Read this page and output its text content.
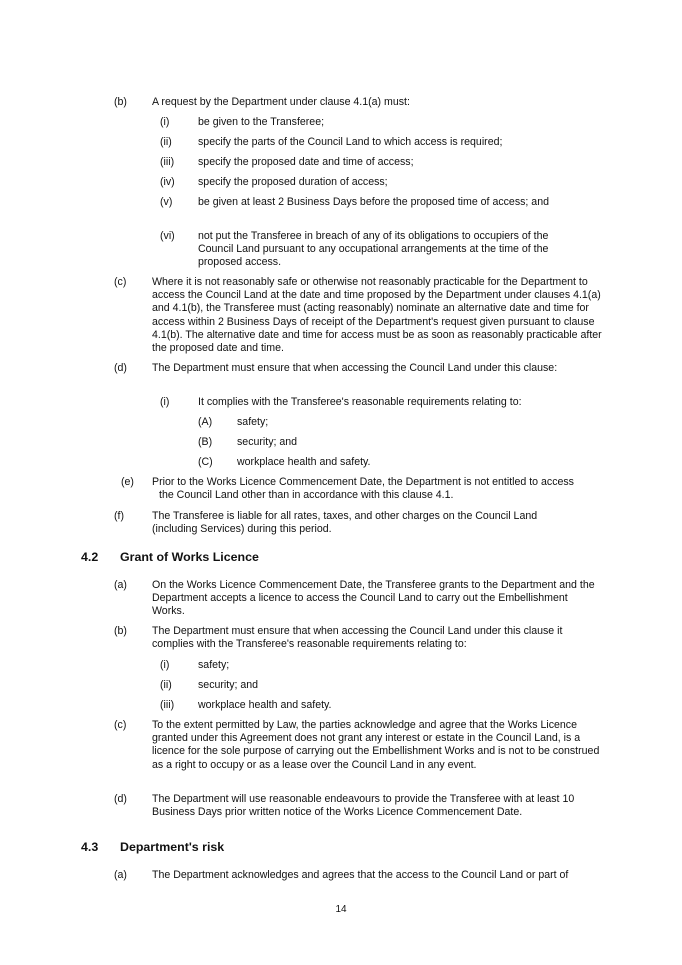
(b) A request by the Department under clause 4.1(a) must:
(i)	be given to the Transferee;
(ii) specify the parts of the Council Land to which access is required;
(iii) specify the proposed date and time of access;
(iv) specify the proposed duration of access;
(v) be given at least 2 Business Days before the proposed time of access; and
(vi) not put the Transferee in breach of any of its obligations to occupiers of the Council Land pursuant to any occupational arrangements at the time of the proposed access.
(c) Where it is not reasonably safe or otherwise not reasonably practicable for the Department to access the Council Land at the date and time proposed by the Department under clauses 4.1(a) and 4.1(b), the Transferee must (acting reasonably) nominate an alternative date and time for access within 2 Business Days of receipt of the Department's request given pursuant to clause 4.1(b). The alternative date and time for access must be as soon as reasonably practicable after the proposed date and time.
(d) The Department must ensure that when accessing the Council Land under this clause:
(i)	It complies with the Transferee's reasonable requirements relating to:
(A) safety;
(B) security; and
(C) workplace health and safety.
(e) Prior to the Works Licence Commencement Date, the Department is not entitled to access the Council Land other than in accordance with this clause 4.1.
(f)	The Transferee is liable for all rates, taxes, and other charges on the Council Land (including Services) during this period.
4.2 Grant of Works Licence
(a) On the Works Licence Commencement Date, the Transferee grants to the Department and the Department accepts a licence to access the Council Land to carry out the Embellishment Works.
(b) The Department must ensure that when accessing the Council Land under this clause it complies with the Transferee's reasonable requirements relating to:
(i)	safety;
(ii) security; and
(iii) workplace health and safety.
(c) To the extent permitted by Law, the parties acknowledge and agree that the Works Licence granted under this Agreement does not grant any interest or estate in the Council Land, is a licence for the sole purpose of carrying out the Embellishment Works and is not to be construed as a right to occupy or as a lease over the Council Land in any event.
(d) The Department will use reasonable endeavours to provide the Transferee with at least 10 Business Days prior written notice of the Works Licence Commencement Date.
4.3 Department's risk
(a) The Department acknowledges and agrees that the access to the Council Land or part of
14
